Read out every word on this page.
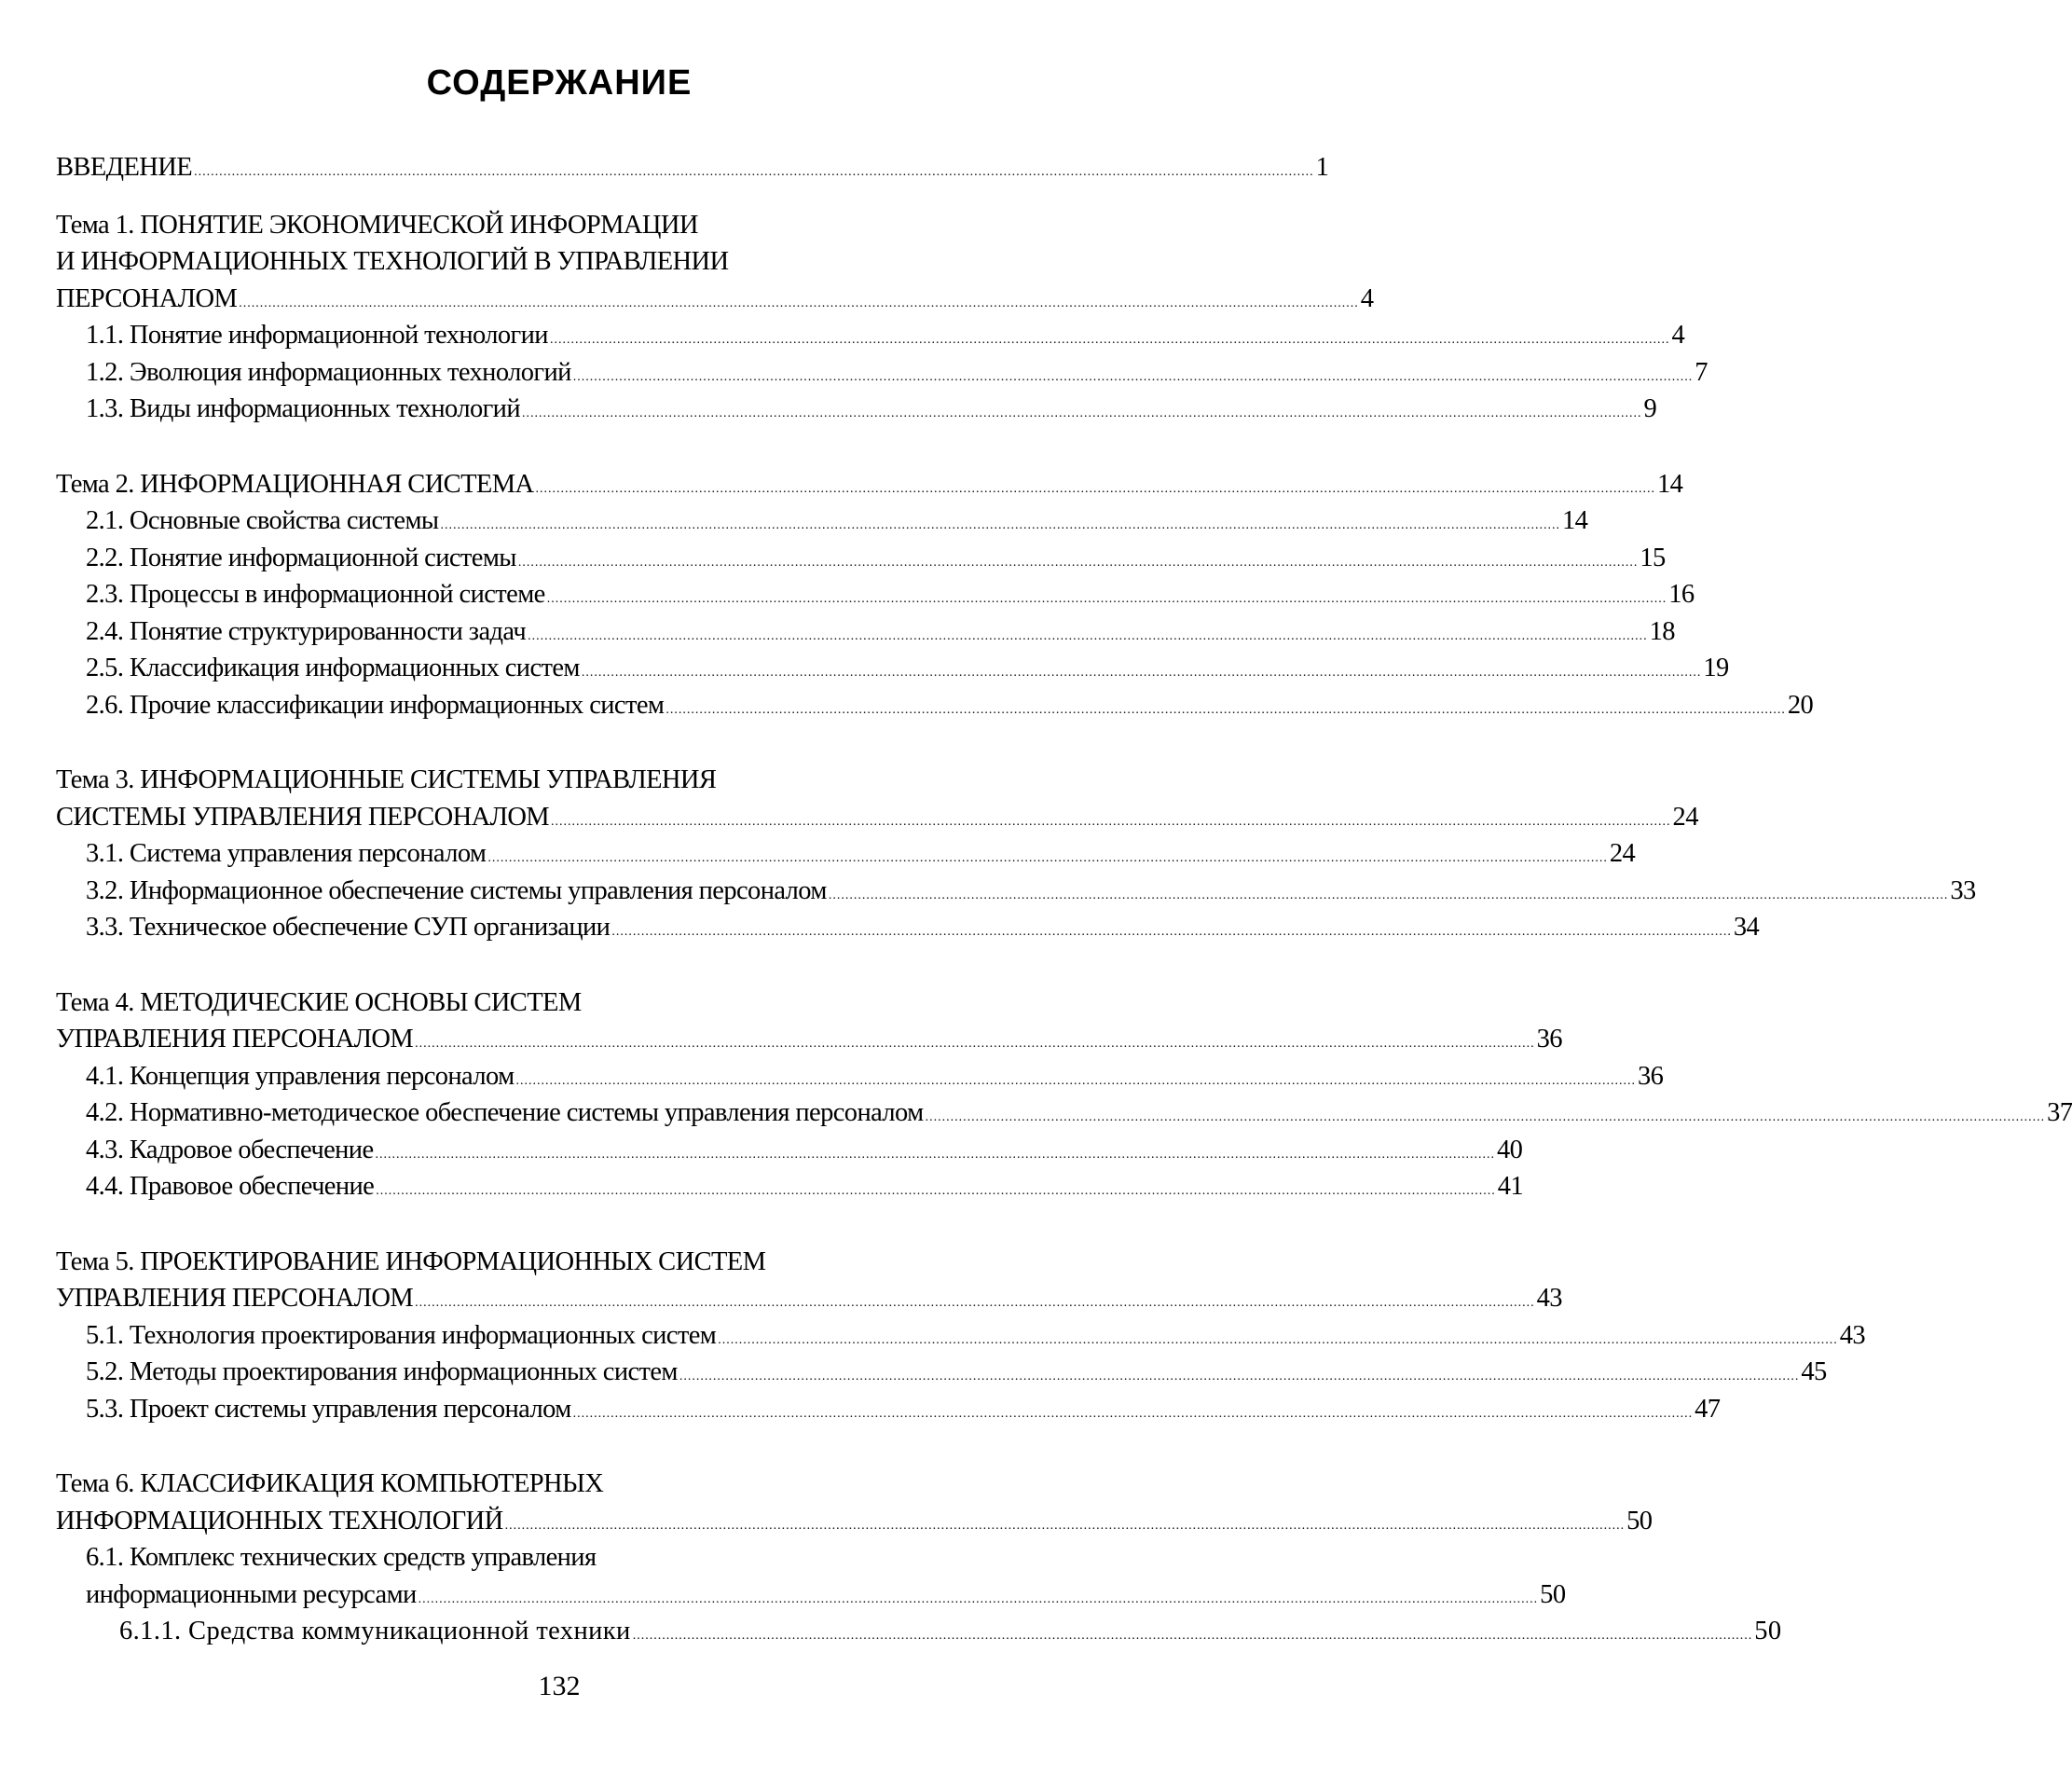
СОДЕРЖАНИЕ
ВВЕДЕНИЕ ........................................................................................................................................................................................................................................................................... 1
Тема 1. ПОНЯТИЕ ЭКОНОМИЧЕСКОЙ ИНФОРМАЦИИ
И ИНФОРМАЦИОННЫХ ТЕХНОЛОГИЙ В УПРАВЛЕНИИ
ПЕРСОНАЛОМ ........................................................................................................................................................................................................................................................................... 4
1.1. Понятие информационной технологии ........................................................................................................................................................................................................................................................................... 4
1.2. Эволюция информационных технологий ........................................................................................................................................................................................................................................................................... 7
1.3. Виды информационных технологий ........................................................................................................................................................................................................................................................................... 9
Тема 2. ИНФОРМАЦИОННАЯ СИСТЕМА ........................................................................................................................................................................................................................................................................... 14
2.1. Основные свойства системы ........................................................................................................................................................................................................................................................................... 14
2.2. Понятие информационной системы ........................................................................................................................................................................................................................................................................... 15
2.3. Процессы в информационной системе ........................................................................................................................................................................................................................................................................... 16
2.4. Понятие структурированности задач ........................................................................................................................................................................................................................................................................... 18
2.5. Классификация информационных систем ........................................................................................................................................................................................................................................................................... 19
2.6. Прочие классификации информационных систем ........................................................................................................................................................................................................................................................................... 20
Тема 3. ИНФОРМАЦИОННЫЕ СИСТЕМЫ УПРАВЛЕНИЯ
СИСТЕМЫ УПРАВЛЕНИЯ ПЕРСОНАЛОМ ........................................................................................................................................................................................................................................................................... 24
3.1. Система управления персоналом ........................................................................................................................................................................................................................................................................... 24
3.2. Информационное обеспечение системы управления персоналом ........................................................................................................................................................................................................................................................................... 33
3.3. Техническое обеспечение СУП организации ........................................................................................................................................................................................................................................................................... 34
Тема 4. МЕТОДИЧЕСКИЕ ОСНОВЫ СИСТЕМ
УПРАВЛЕНИЯ ПЕРСОНАЛОМ ........................................................................................................................................................................................................................................................................... 36
4.1. Концепция управления персоналом ........................................................................................................................................................................................................................................................................... 36
4.2. Нормативно-методическое обеспечение системы управления персоналом ........................................................................................................................................................................................................................................................................... 37
4.3. Кадровое обеспечение ........................................................................................................................................................................................................................................................................... 40
4.4. Правовое обеспечение ........................................................................................................................................................................................................................................................................... 41
Тема 5. ПРОЕКТИРОВАНИЕ ИНФОРМАЦИОННЫХ СИСТЕМ
УПРАВЛЕНИЯ ПЕРСОНАЛОМ ........................................................................................................................................................................................................................................................................... 43
5.1. Технология проектирования информационных систем ........................................................................................................................................................................................................................................................................... 43
5.2. Методы проектирования информационных систем ........................................................................................................................................................................................................................................................................... 45
5.3. Проект системы управления персоналом ........................................................................................................................................................................................................................................................................... 47
Тема 6. КЛАССИФИКАЦИЯ КОМПЬЮТЕРНЫХ
ИНФОРМАЦИОННЫХ ТЕХНОЛОГИЙ ........................................................................................................................................................................................................................................................................... 50
6.1. Комплекс технических средств управления
информационными ресурсами ........................................................................................................................................................................................................................................................................... 50
6.1.1. Средства коммуникационной техники ........................................................................................................................................................................................................................................................................... 50
132
